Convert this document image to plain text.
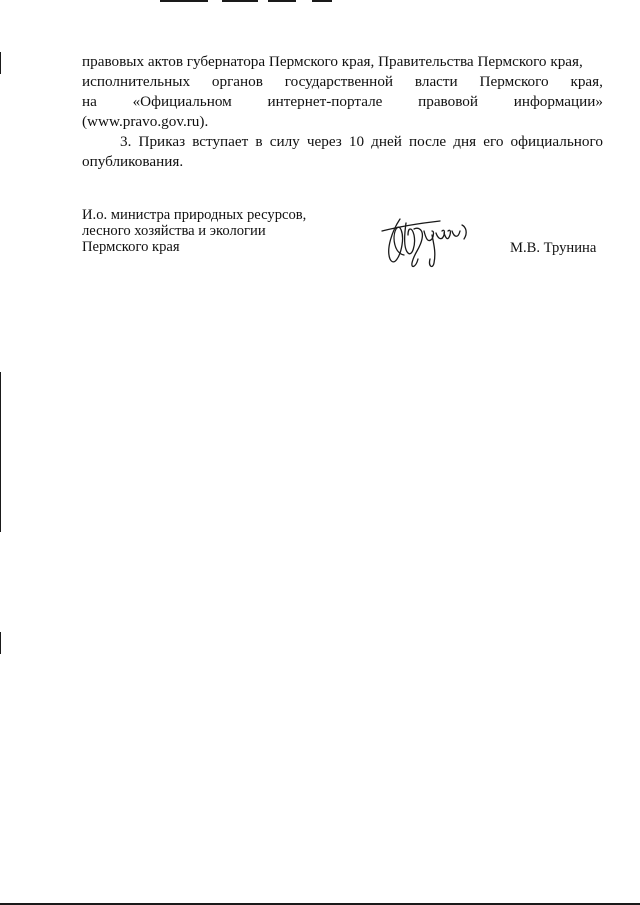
правовых актов губернатора Пермского края, Правительства Пермского края,
исполнительных органов государственной власти Пермского края,
на «Официальном интернет-портале правовой информации»
(www.pravo.gov.ru).
3. Приказ вступает в силу через 10 дней после дня его официального
опубликования.
И.о. министра природных ресурсов,
лесного хозяйства и экологии
Пермского края	М.В. Трунина
